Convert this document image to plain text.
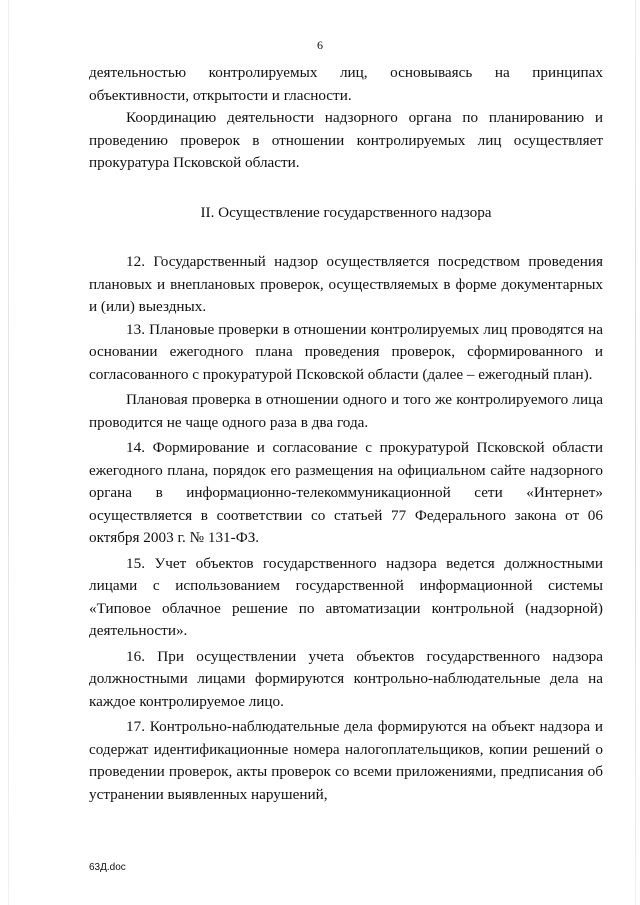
6

деятельностью контролируемых лиц, основываясь на принципах объективности, открытости и гласности.

Координацию деятельности надзорного органа по планированию и проведению проверок в отношении контролируемых лиц осуществляет прокуратура Псковской области.

II. Осуществление государственного надзора

12. Государственный надзор осуществляется посредством проведения плановых и внеплановых проверок, осуществляемых в форме документарных и (или) выездных.

13. Плановые проверки в отношении контролируемых лиц проводятся на основании ежегодного плана проведения проверок, сформированного и согласованного с прокуратурой Псковской области (далее – ежегодный план).

Плановая проверка в отношении одного и того же контролируемого лица проводится не чаще одного раза в два года.

14. Формирование и согласование с прокуратурой Псковской области ежегодного плана, порядок его размещения на официальном сайте надзорного органа в информационно-телекоммуникационной сети «Интернет» осуществляется в соответствии со статьей 77 Федерального закона от 06 октября 2003 г. № 131-ФЗ.

15. Учет объектов государственного надзора ведется должностными лицами с использованием государственной информационной системы «Типовое облачное решение по автоматизации контрольной (надзорной) деятельности».

16. При осуществлении учета объектов государственного надзора должностными лицами формируются контрольно-наблюдательные дела на каждое контролируемое лицо.

17. Контрольно-наблюдательные дела формируются на объект надзора и содержат идентификационные номера налогоплательщиков, копии решений о проведении проверок, акты проверок со всеми приложениями, предписания об устранении выявленных нарушений,

63Д.doc
